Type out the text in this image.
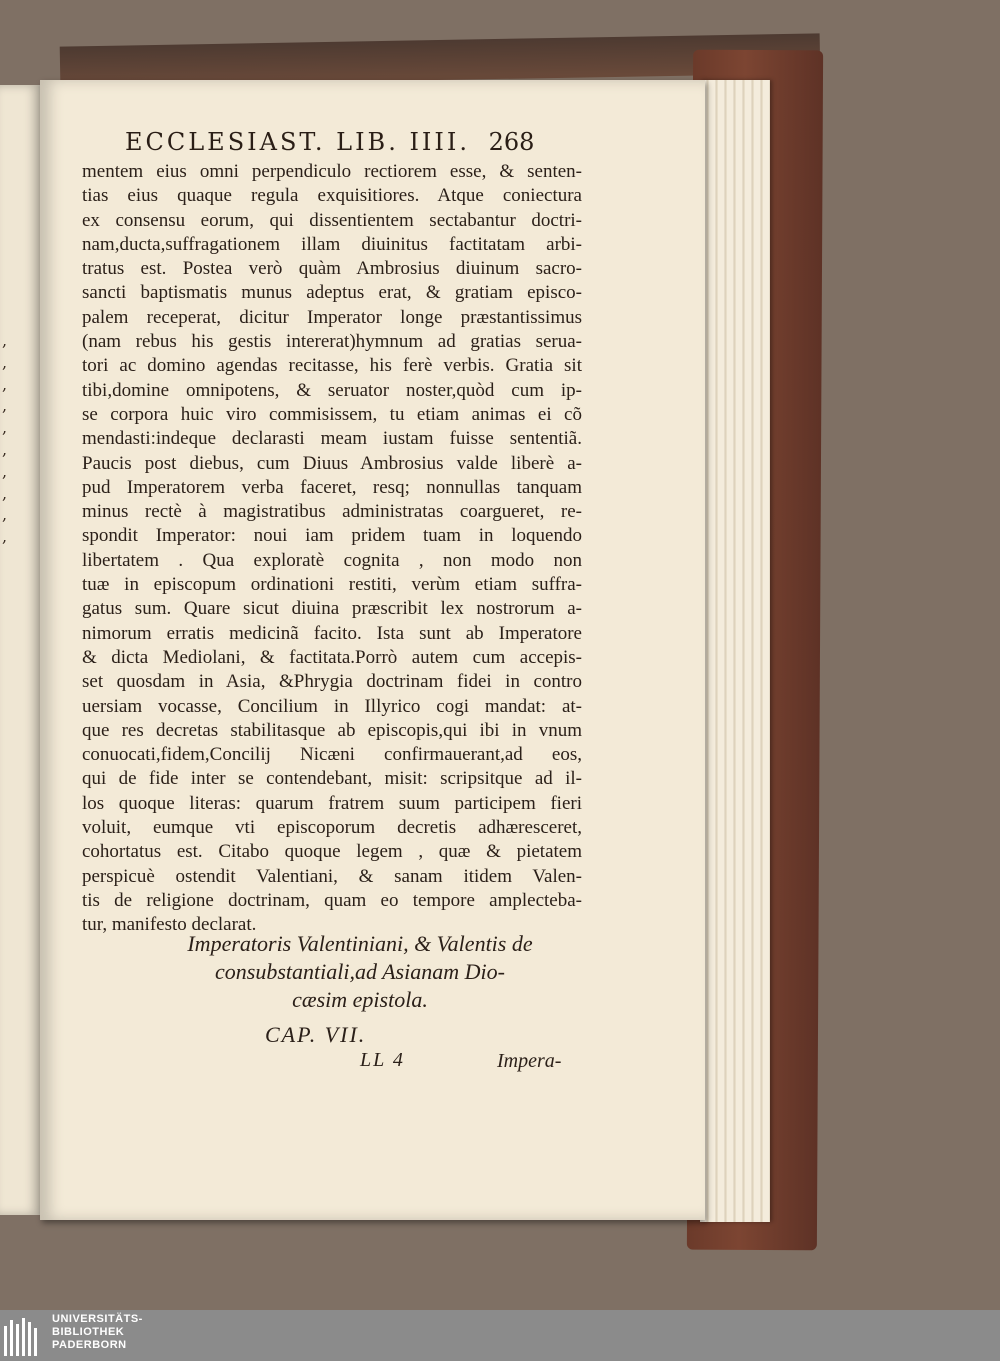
,
,
,
,
,
,
,
,
,
,
ECCLESIAST. LIB. IIII. 268
mentem eius omni perpendiculo rectiorem esse, & senten-
tias eius quaque regula exquisitiores. Atque coniectura
ex consensu eorum, qui dissentientem sectabantur doctri-
nam,ducta,suffragationem illam diuinitus factitatam arbi-
tratus est. Postea verò quàm Ambrosius diuinum sacro-
sancti baptismatis munus adeptus erat, & gratiam episco-
palem receperat, dicitur Imperator longe præstantissimus
(nam rebus his gestis intererat)hymnum ad gratias serua-
tori ac domino agendas recitasse, his ferè verbis. Gratia sit
tibi,domine omnipotens, & seruator noster,quòd cum ip-
se corpora huic viro commisissem, tu etiam animas ei cõ
mendasti:indeque declarasti meam iustam fuisse sententiã.
Paucis post diebus, cum Diuus Ambrosius valde liberè a-
pud Imperatorem verba faceret, resq; nonnullas tanquam
minus rectè à magistratibus administratas coargueret, re-
spondit Imperator: noui iam pridem tuam in loquendo
libertatem . Qua exploratè cognita , non modo non
tuæ in episcopum ordinationi restiti, verùm etiam suffra-
gatus sum. Quare sicut diuina præscribit lex nostrorum a-
nimorum erratis medicinã facito. Ista sunt ab Imperatore
& dicta Mediolani, & factitata.Porrò autem cum accepis-
set quosdam in Asia, &Phrygia doctrinam fidei in contro
uersiam vocasse, Concilium in Illyrico cogi mandat: at-
que res decretas stabilitasque ab episcopis,qui ibi in vnum
conuocati,fidem,Concilij Nicæni confirmauerant,ad eos,
qui de fide inter se contendebant, misit: scripsitque ad il-
los quoque literas: quarum fratrem suum participem fieri
voluit, eumque vti episcoporum decretis adhæresceret,
cohortatus est. Citabo quoque legem , quæ & pietatem
perspicuè ostendit Valentiani, & sanam itidem Valen-
tis de religione doctrinam, quam eo tempore amplecteba-
tur, manifesto declarat.
Imperatoris Valentiniani, & Valentis de
consubstantiali,ad Asianam Dio-
cæsim epistola.
CAP. VII.
LL 4	Impera-
UNIVERSITÄTS-
BIBLIOTHEK
PADERBORN
